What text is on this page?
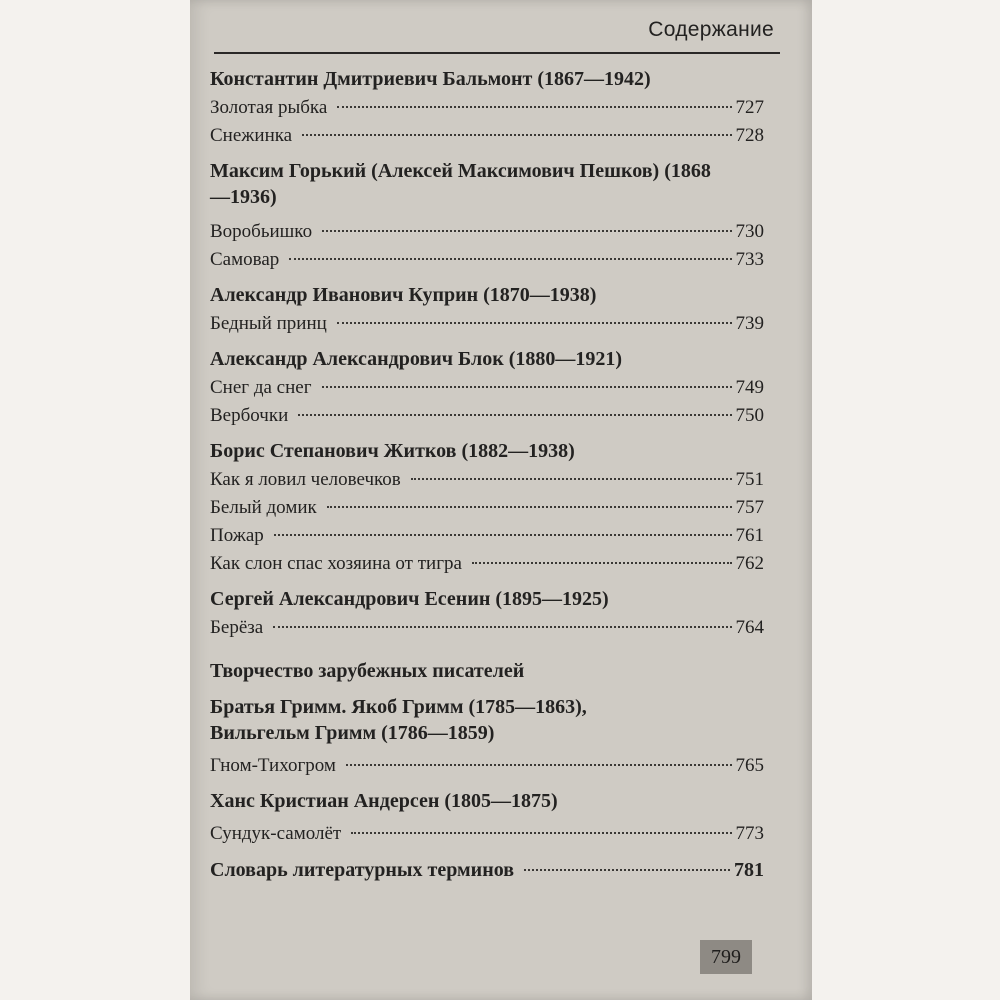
Содержание
Константин Дмитриевич Бальмонт (1867—1942)
Золотая рыбка	727
Снежинка	728
Максим Горький (Алексей Максимович Пешков) (1868—1936)
Воробьишко	730
Самовар	733
Александр Иванович Куприн (1870—1938)
Бедный принц	739
Александр Александрович Блок (1880—1921)
Снег да снег	749
Вербочки	750
Борис Степанович Житков (1882—1938)
Как я ловил человечков	751
Белый домик	757
Пожар	761
Как слон спас хозяина от тигра	762
Сергей Александрович Есенин (1895—1925)
Берёза	764
Творчество зарубежных писателей
Братья Гримм. Якоб Гримм (1785—1863), Вильгельм Гримм (1786—1859)
Гном-Тихогром	765
Ханс Кристиан Андерсен (1805—1875)
Сундук-самолёт	773
Словарь литературных терминов	781
799
